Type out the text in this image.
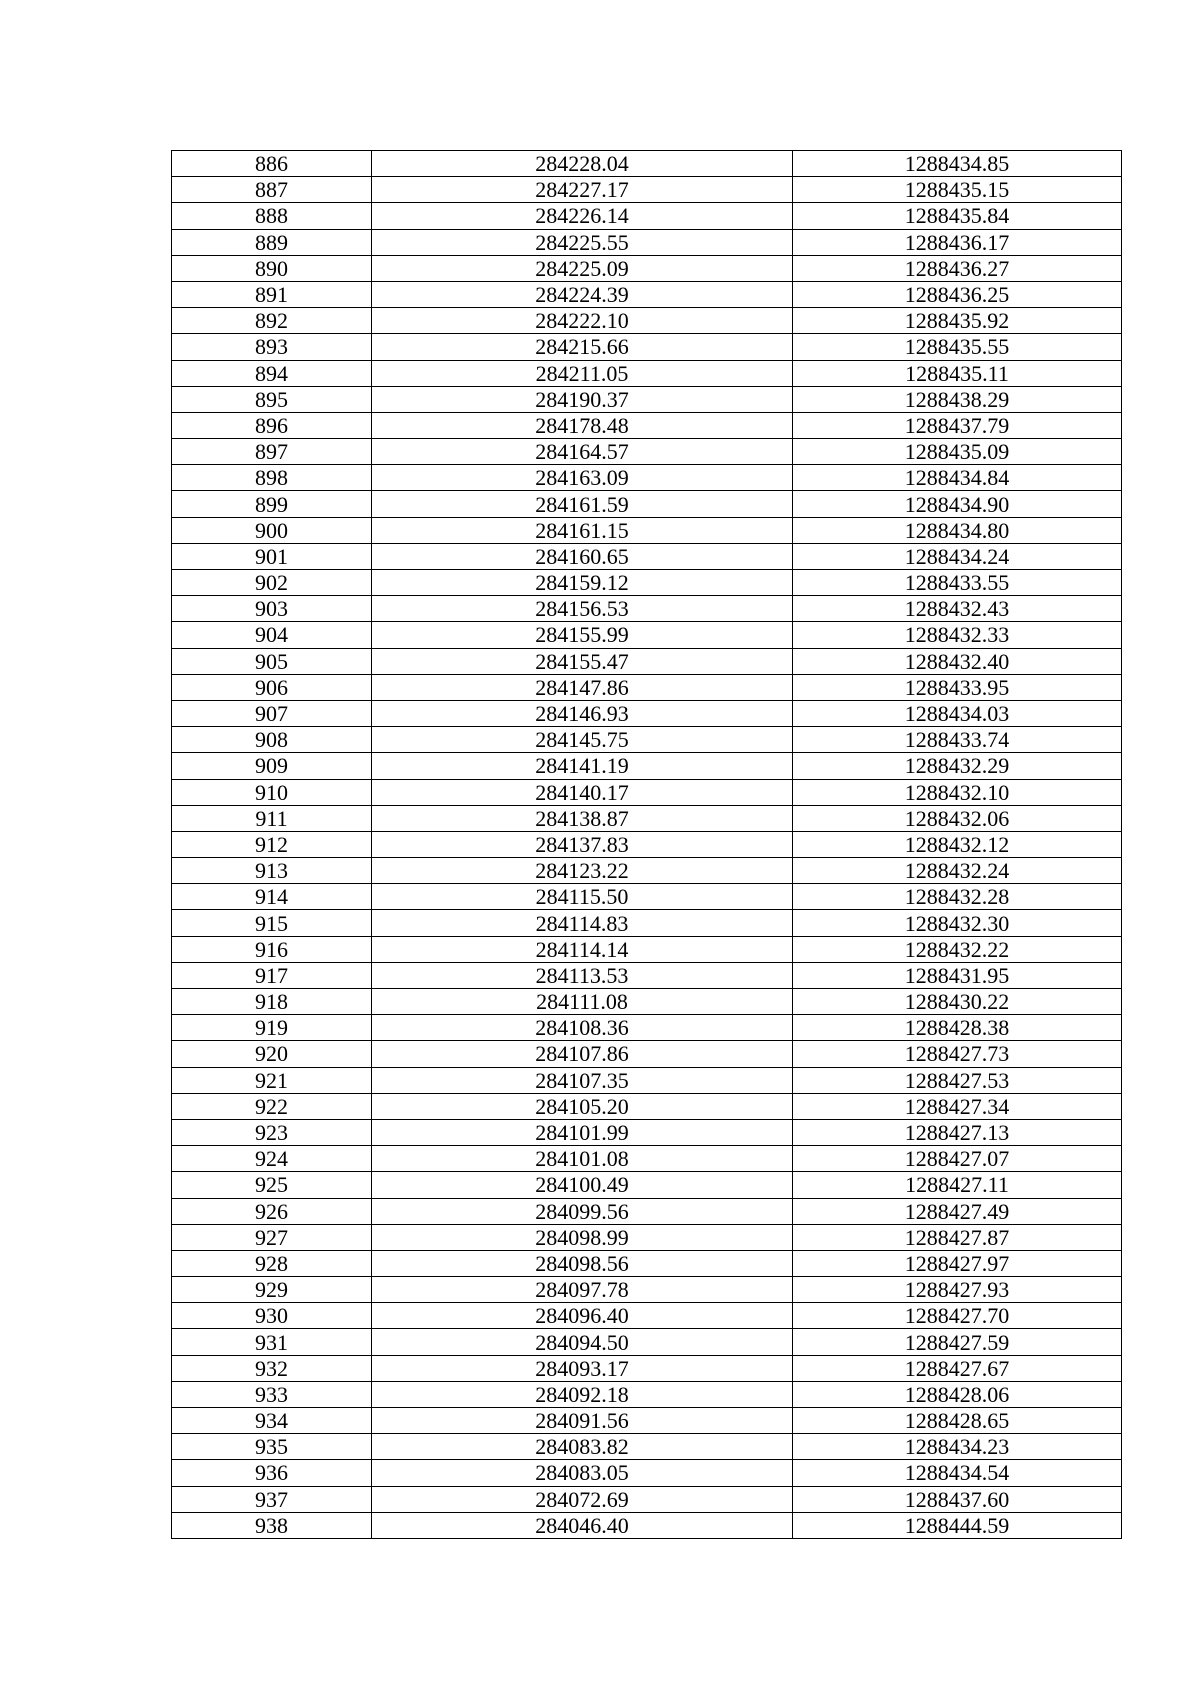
886	284228.04	1288434.85
887	284227.17	1288435.15
888	284226.14	1288435.84
889	284225.55	1288436.17
890	284225.09	1288436.27
891	284224.39	1288436.25
892	284222.10	1288435.92
893	284215.66	1288435.55
894	284211.05	1288435.11
895	284190.37	1288438.29
896	284178.48	1288437.79
897	284164.57	1288435.09
898	284163.09	1288434.84
899	284161.59	1288434.90
900	284161.15	1288434.80
901	284160.65	1288434.24
902	284159.12	1288433.55
903	284156.53	1288432.43
904	284155.99	1288432.33
905	284155.47	1288432.40
906	284147.86	1288433.95
907	284146.93	1288434.03
908	284145.75	1288433.74
909	284141.19	1288432.29
910	284140.17	1288432.10
911	284138.87	1288432.06
912	284137.83	1288432.12
913	284123.22	1288432.24
914	284115.50	1288432.28
915	284114.83	1288432.30
916	284114.14	1288432.22
917	284113.53	1288431.95
918	284111.08	1288430.22
919	284108.36	1288428.38
920	284107.86	1288427.73
921	284107.35	1288427.53
922	284105.20	1288427.34
923	284101.99	1288427.13
924	284101.08	1288427.07
925	284100.49	1288427.11
926	284099.56	1288427.49
927	284098.99	1288427.87
928	284098.56	1288427.97
929	284097.78	1288427.93
930	284096.40	1288427.70
931	284094.50	1288427.59
932	284093.17	1288427.67
933	284092.18	1288428.06
934	284091.56	1288428.65
935	284083.82	1288434.23
936	284083.05	1288434.54
937	284072.69	1288437.60
938	284046.40	1288444.59
